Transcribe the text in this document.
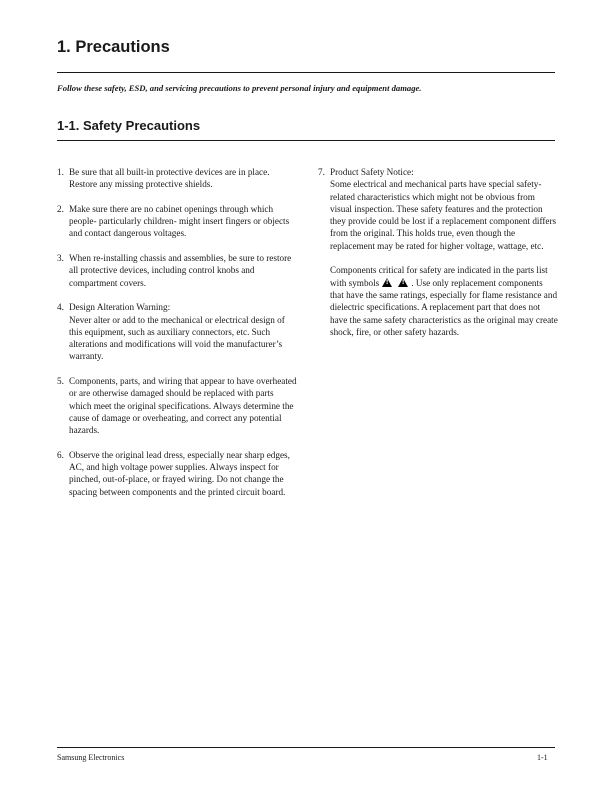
1. Precautions

Follow these safety, ESD, and servicing precautions to prevent personal injury and equipment damage.

1-1. Safety Precautions
1. Be sure that all built-in protective devices are in place. Restore any missing protective shields.

2. Make sure there are no cabinet openings through which people- particularly children- might insert fingers or objects and contact dangerous voltages.

3. When re-installing chassis and assemblies, be sure to restore all protective devices, including control knobs and compartment covers.

4. Design Alteration Warning:

Never alter or add to the mechanical or electrical design of this equipment, such as auxiliary connectors, etc. Such alterations and modifications will void the manufacturer’s warranty.

5. Components, parts, and wiring that appear to have overheated or are otherwise damaged should be replaced with parts which meet the original specifications. Always determine the cause of damage or overheating, and correct any potential hazards.

6. Observe the original lead dress, especially near sharp edges, AC, and high voltage power supplies. Always inspect for pinched, out-of-place, or frayed wiring. Do not change the spacing between components and the printed circuit board.

7. Product Safety Notice:

Some electrical and mechanical parts have special safety-related characteristics which might not be obvious from visual inspection. These safety features and the protection they provide could be lost if a replacement component differs from the original. This holds true, even though the replacement may be rated for higher voltage, wattage, etc.

Components critical for safety are indicated in the parts list with symbols ! !	. Use only replacement components that have the same ratings, especially for flame resistance and dielectric specifications. A replacement part that does not have the same safety characteristics as the original may create shock, fire, or other safety hazards.

Samsung Electronics	1-1
